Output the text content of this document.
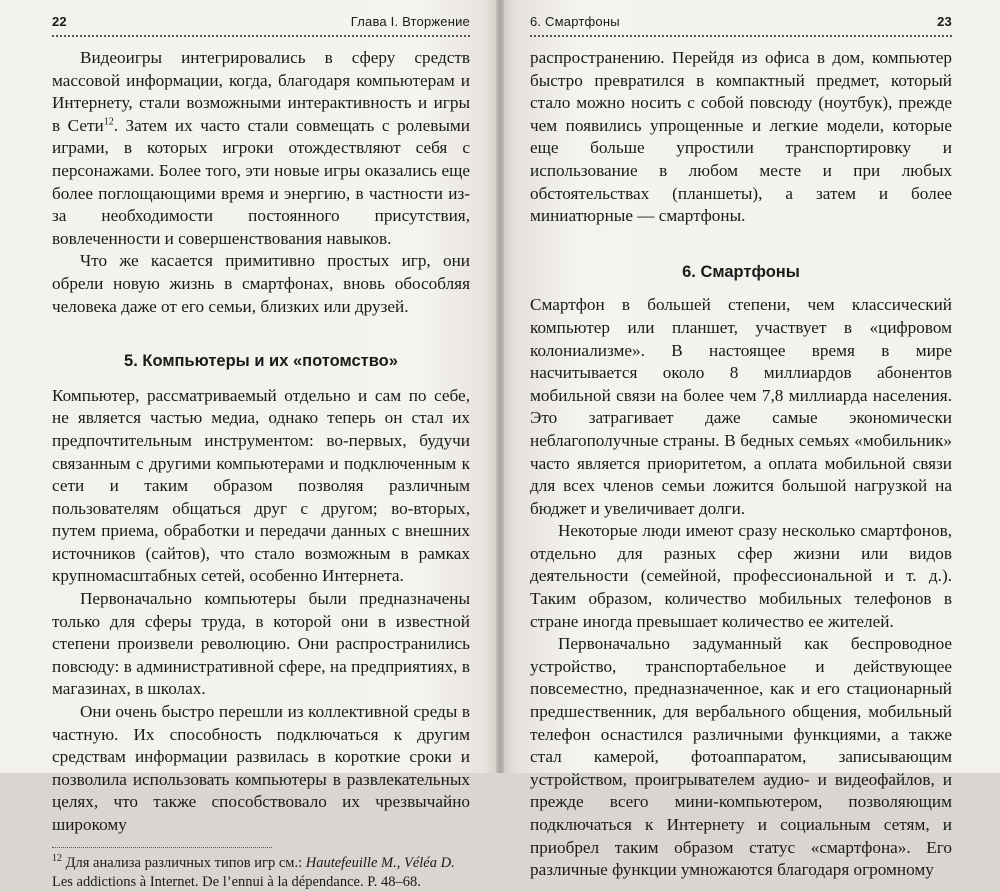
22	Глава I. Вторжение

Видеоигры интегрировались в сферу средств массовой информации, когда, благодаря компьютерам и Интернету, стали возможными интерактивность и игры в Сети$^{12}$. Затем их часто стали совмещать с ролевыми играми, в которых игроки отождествляют себя с персонажами. Более того, эти новые игры оказались еще более поглощающими время и энергию, в частности из-за необходимости постоянного присутствия, вовлеченности и совершенствования навыков.

Что же касается примитивно простых игр, они обрели новую жизнь в смартфонах, вновь обособляя человека даже от его семьи, близких или друзей.

5. Компьютеры и их «потомство»

Компьютер, рассматриваемый отдельно и сам по себе, не является частью медиа, однако теперь он стал их предпочтительным инструментом: во-первых, будучи связанным с другими компьютерами и подключенным к сети и таким образом позволяя различным пользователям общаться друг с другом; во-вторых, путем приема, обработки и передачи данных с внешних источников (сайтов), что стало возможным в рамках крупномасштабных сетей, особенно Интернета.

Первоначально компьютеры были предназначены только для сферы труда, в которой они в известной степени произвели революцию. Они распространились повсюду: в административной сфере, на предприятиях, в магазинах, в школах.

Они очень быстро перешли из коллективной среды в частную. Их способность подключаться к другим средствам информации развилась в короткие сроки и позволила использовать компьютеры в развлекательных целях, что также способствовало их чрезвычайно широкому

$^{12}$ Для анализа различных типов игр см.: Hautefeuille M., Véléa D. Les addictions à Internet. De l’ennui à la dépendance. P. 48–68.
6. Смартфоны	23

распространению. Перейдя из офиса в дом, компьютер быстро превратился в компактный предмет, который стало можно носить с собой повсюду (ноутбук), прежде чем появились упрощенные и легкие модели, которые еще больше упростили транспортировку и использование в любом месте и при любых обстоятельствах (планшеты), а затем и более миниатюрные — смартфоны.

6. Смартфоны

Смартфон в большей степени, чем классический компьютер или планшет, участвует в «цифровом колониализме». В настоящее время в мире насчитывается около 8 миллиардов абонентов мобильной связи на более чем 7,8 миллиарда населения. Это затрагивает даже самые экономически неблагополучные страны. В бедных семьях «мобильник» часто является приоритетом, а оплата мобильной связи для всех членов семьи ложится большой нагрузкой на бюджет и увеличивает долги.

Некоторые люди имеют сразу несколько смартфонов, отдельно для разных сфер жизни или видов деятельности (семейной, профессиональной и т. д.). Таким образом, количество мобильных телефонов в стране иногда превышает количество ее жителей.

Первоначально задуманный как беспроводное устройство, транспортабельное и действующее повсеместно, предназначенное, как и его стационарный предшественник, для вербального общения, мобильный телефон оснастился различными функциями, а также стал камерой, фотоаппаратом, записывающим устройством, проигрывателем аудио- и видеофайлов, и прежде всего мини-компьютером, позволяющим подключаться к Интернету и социальным сетям, и приобрел таким образом статус «смартфона». Его различные функции умножаются благодаря огромному
